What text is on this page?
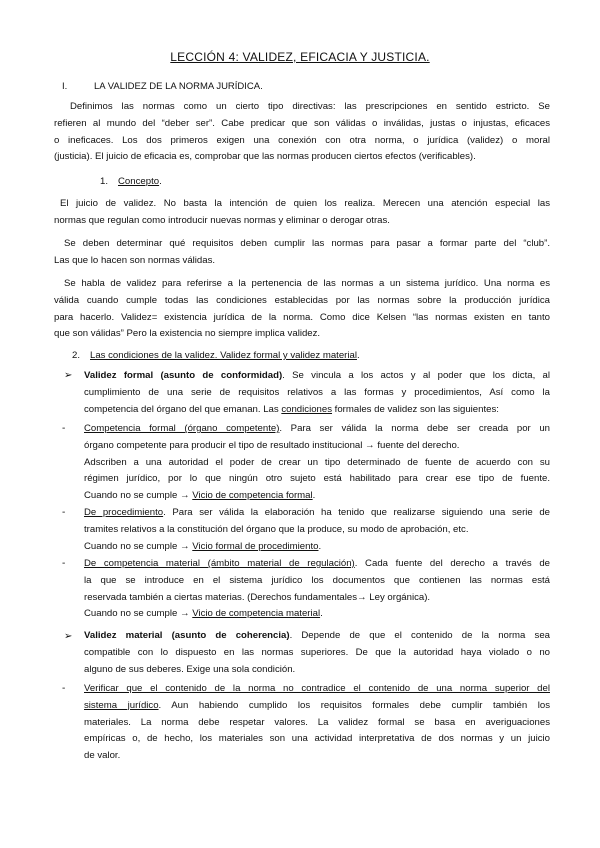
LECCIÓN 4: VALIDEZ, EFICACIA Y JUSTICIA.
I.	LA VALIDEZ DE LA NORMA JURÍDICA.
Definimos las normas como un cierto tipo directivas: las prescripciones en sentido estricto. Se
refieren al mundo del “deber ser”. Cabe predicar que son válidas o inválidas, justas o injustas, eficaces
o ineficaces. Los dos primeros exigen una conexión con otra norma, o jurídica (validez) o moral
(justicia). El juicio de eficacia es, comprobar que las normas producen ciertos efectos (verificables).
1. Concepto.
El juicio de validez. No basta la intención de quien los realiza. Merecen una atención especial las
normas que regulan como introducir nuevas normas y eliminar o derogar otras.
Se deben determinar qué requisitos deben cumplir las normas para pasar a formar parte del “club”.
Las que lo hacen son normas válidas.
Se habla de validez para referirse a la pertenencia de las normas a un sistema jurídico. Una norma es
válida cuando cumple todas las condiciones establecidas por las normas sobre la producción jurídica
para hacerlo. Validez= existencia jurídica de la norma. Como dice Kelsen “las normas existen en tanto
que son válidas” Pero la existencia no siempre implica validez.
2. Las condiciones de la validez. Validez formal y validez material.
➢ Validez formal (asunto de conformidad). Se vincula a los actos y al poder que los dicta, al
cumplimiento de una serie de requisitos relativos a las formas y procedimientos, Así como la
competencia del órgano del que emanan. Las condiciones formales de validez son las siguientes:
- Competencia formal (órgano competente). Para ser válida la norma debe ser creada por un
órgano competente para producir el tipo de resultado institucional → fuente del derecho.
Adscriben a una autoridad el poder de crear un tipo determinado de fuente de acuerdo con su
régimen jurídico, por lo que ningún otro sujeto está habilitado para crear ese tipo de fuente.
Cuando no se cumple → Vicio de competencia formal.
- De procedimiento. Para ser válida la elaboración ha tenido que realizarse siguiendo una serie de
tramites relativos a la constitución del órgano que la produce, su modo de aprobación, etc.
Cuando no se cumple → Vicio formal de procedimiento.
- De competencia material (ámbito material de regulación). Cada fuente del derecho a través de
la que se introduce en el sistema jurídico los documentos que contienen las normas está
reservada también a ciertas materias. (Derechos fundamentales→ Ley orgánica).
Cuando no se cumple → Vicio de competencia material.
➢ Validez material (asunto de coherencia). Depende de que el contenido de la norma sea
compatible con lo dispuesto en las normas superiores. De que la autoridad haya violado o no
alguno de sus deberes. Exige una sola condición.
- Verificar que el contenido de la norma no contradice el contenido de una norma superior del
sistema jurídico. Aun habiendo cumplido los requisitos formales debe cumplir también los
materiales. La norma debe respetar valores. La validez formal se basa en averiguaciones
empíricas o, de hecho, los materiales son una actividad interpretativa de dos normas y un juicio
de valor.
